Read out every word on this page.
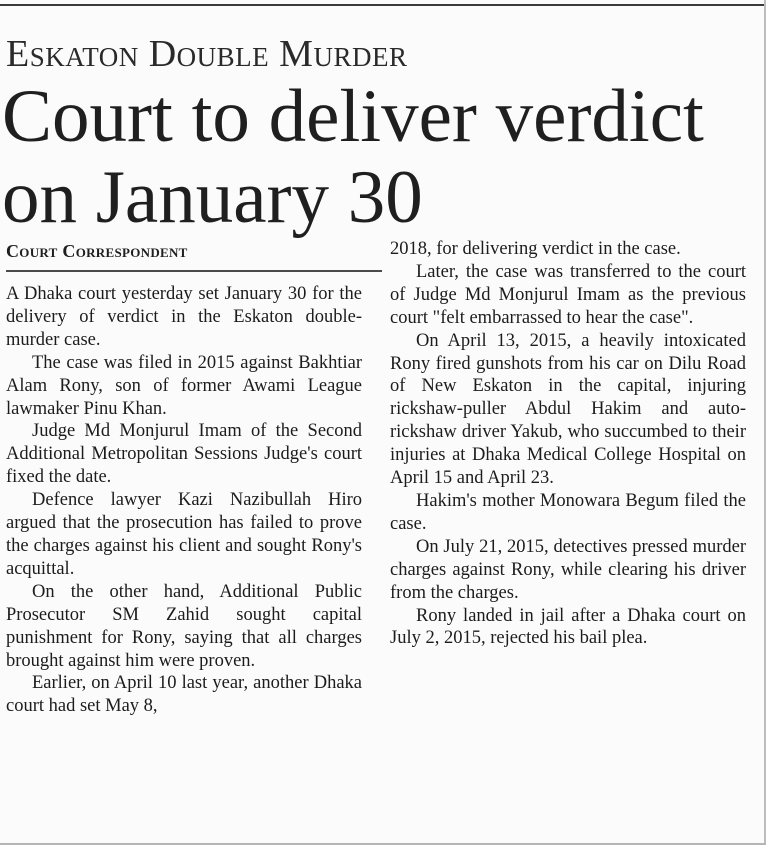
Eskaton Double Murder
Court to deliver verdict on January 30
Court Correspondent

A Dhaka court yesterday set January 30 for the delivery of verdict in the Eskaton double-murder case.

The case was filed in 2015 against Bakhtiar Alam Rony, son of former Awami League lawmaker Pinu Khan.

Judge Md Monjurul Imam of the Second Additional Metropolitan Sessions Judge's court fixed the date.

Defence lawyer Kazi Nazibullah Hiro argued that the prosecution has failed to prove the charges against his client and sought Rony's acquittal.

On the other hand, Additional Public Prosecutor SM Zahid sought capital punishment for Rony, saying that all charges brought against him were proven.

Earlier, on April 10 last year, another Dhaka court had set May 8,

2018, for delivering verdict in the case.

Later, the case was transferred to the court of Judge Md Monjurul Imam as the previous court "felt embarrassed to hear the case".

On April 13, 2015, a heavily intoxicated Rony fired gunshots from his car on Dilu Road of New Eskaton in the capital, injuring rickshaw-puller Abdul Hakim and auto-rickshaw driver Yakub, who succumbed to their injuries at Dhaka Medical College Hospital on April 15 and April 23.

Hakim's mother Monowara Begum filed the case.

On July 21, 2015, detectives pressed murder charges against Rony, while clearing his driver from the charges.

Rony landed in jail after a Dhaka court on July 2, 2015, rejected his bail plea.
